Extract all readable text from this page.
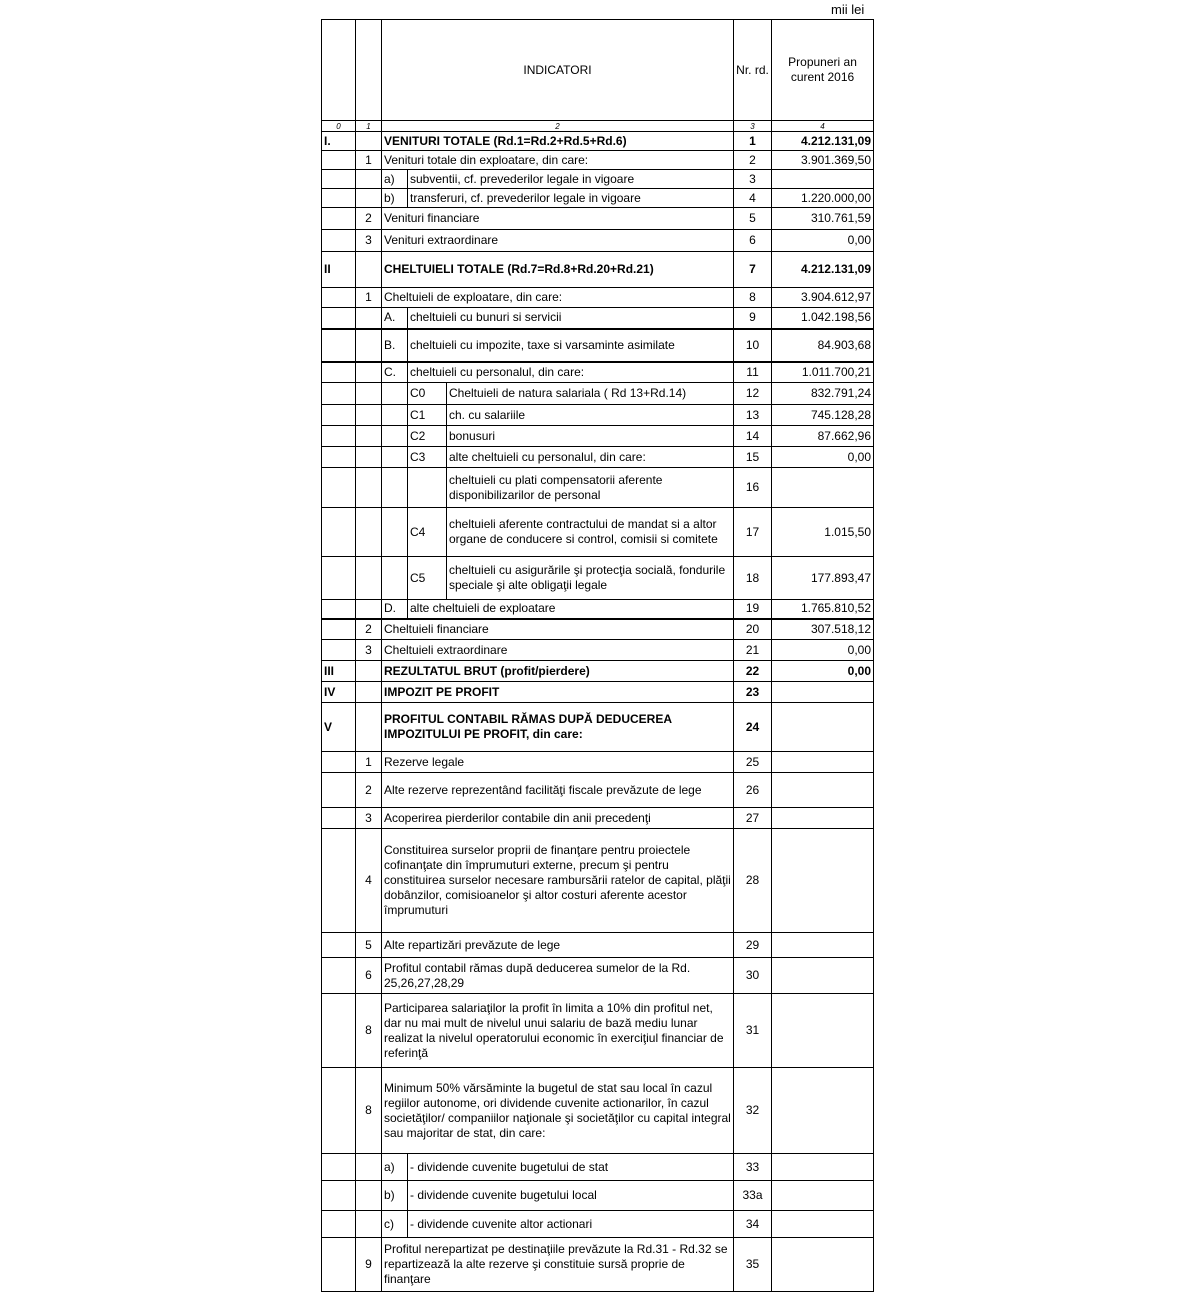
mii lei
		INDICATORI			Nr. rd.	Propuneri an curent 2016
0	1	2			3	4
I.		VENITURI TOTALE (Rd.1=Rd.2+Rd.5+Rd.6)			1	4.212.131,09
	1	Venituri totale din exploatare, din care:			2	3.901.369,50
		a)	subventii, cf. prevederilor legale in vigoare		3	
		b)	transferuri, cf. prevederilor legale in vigoare		4	1.220.000,00
	2	Venituri financiare			5	310.761,59
	3	Venituri extraordinare			6	0,00
II		CHELTUIELI TOTALE (Rd.7=Rd.8+Rd.20+Rd.21)			7	4.212.131,09
	1	Cheltuieli de exploatare, din care:			8	3.904.612,97
		A.	cheltuieli cu bunuri si servicii		9	1.042.198,56
		B.	cheltuieli cu impozite, taxe si varsaminte asimilate		10	84.903,68
		C.	cheltuieli cu personalul, din care:		11	1.011.700,21
			C0	Cheltuieli de natura salariala ( Rd 13+Rd.14)	12	832.791,24
			C1	ch. cu salariile	13	745.128,28
			C2	bonusuri	14	87.662,96
			C3	alte cheltuieli cu personalul, din care:	15	0,00
				cheltuieli cu plati compensatorii aferente disponibilizarilor de personal	16	
			C4	cheltuieli aferente contractului de mandat si a altor organe de conducere si control, comisii si comitete	17	1.015,50
			C5	cheltuieli cu asigurările şi protecţia socială, fondurile speciale şi alte obligaţii legale	18	177.893,47
		D.	alte cheltuieli de exploatare		19	1.765.810,52
	2	Cheltuieli financiare			20	307.518,12
	3	Cheltuieli extraordinare			21	0,00
III		REZULTATUL BRUT (profit/pierdere)			22	0,00
IV		IMPOZIT PE PROFIT			23	
V		PROFITUL CONTABIL RĂMAS DUPĂ DEDUCEREA IMPOZITULUI PE PROFIT, din care:			24	
	1	Rezerve legale			25	
	2	Alte rezerve reprezentând facilităţi fiscale prevăzute de lege			26	
	3	Acoperirea pierderilor contabile din anii precedenţi			27	
	4	Constituirea surselor proprii de finanţare pentru proiectele cofinanţate din împrumuturi externe, precum şi pentru constituirea surselor necesare rambursării ratelor de capital, plăţii dobânzilor, comisioanelor şi altor costuri aferente acestor împrumuturi			28	
	5	Alte repartizări prevăzute de lege			29	
	6	Profitul contabil rămas după deducerea sumelor de la Rd. 25,26,27,28,29			30	
	8	Participarea salariaţilor la profit în limita a 10% din profitul net, dar nu mai mult de nivelul unui salariu de bază mediu lunar realizat la nivelul operatorului economic în exerciţiul financiar de referinţă			31	
	8	Minimum 50% vărsăminte la bugetul de stat sau local în cazul regiilor autonome, ori dividende cuvenite actionarilor, în cazul societăţilor/ companiilor naţionale şi societăţilor cu capital integral sau majoritar de stat, din care:			32	
		a)	- dividende cuvenite bugetului de stat		33	
		b)	- dividende cuvenite bugetului local		33a	
		c)	- dividende cuvenite altor actionari		34	
	9	Profitul nerepartizat pe destinaţiile prevăzute la Rd.31 - Rd.32 se repartizează la alte rezerve şi constituie sursă proprie de finanţare			35	
